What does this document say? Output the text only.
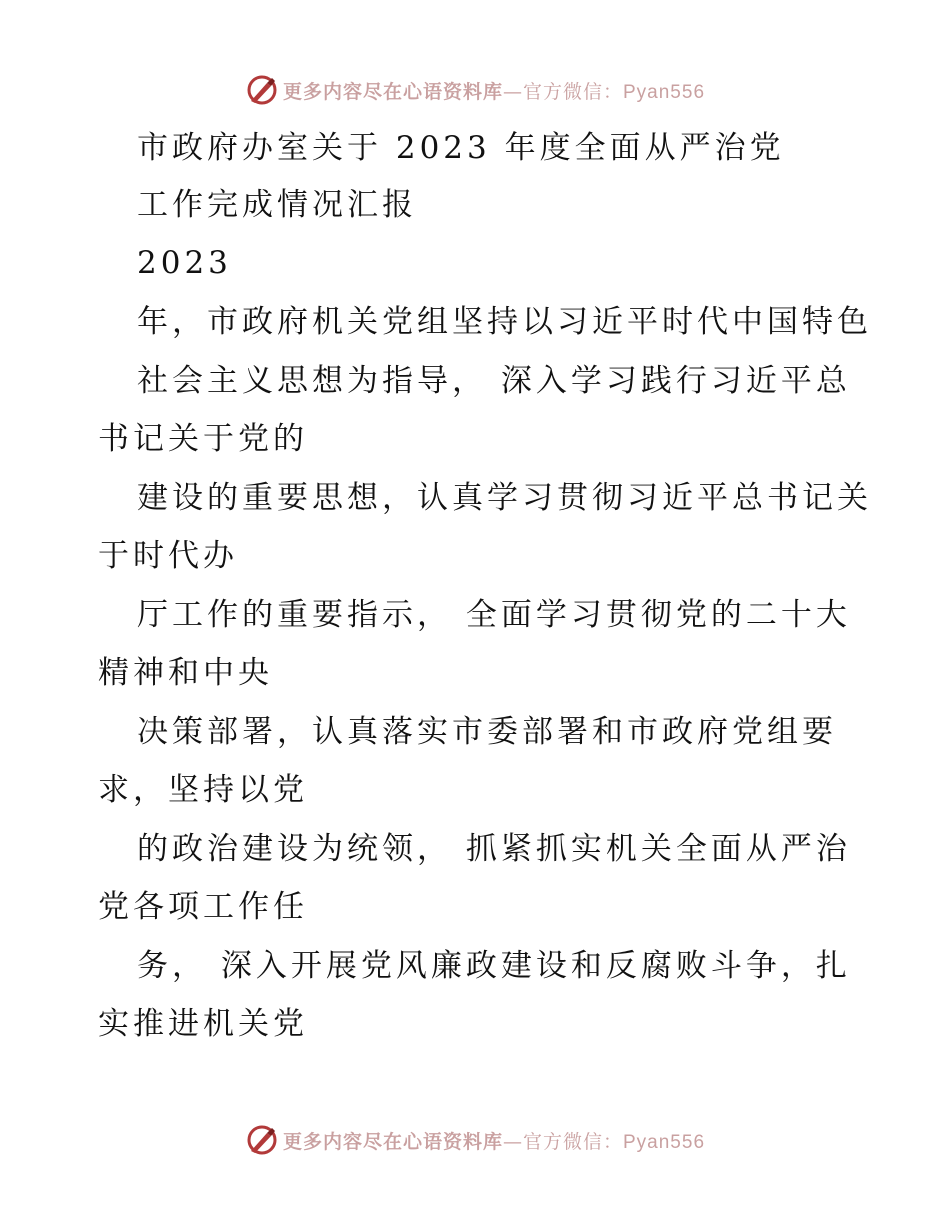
更多内容尽在心语资料库—官方微信：Pyan556
市政府办室关于 2023 年度全面从严治党
工作完成情况汇报
2023
年，市政府机关党组坚持以习近平时代中国特色
社会主义思想为指导， 深入学习践行习近平总
书记关于党的
建设的重要思想，认真学习贯彻习近平总书记关
于时代办
厅工作的重要指示， 全面学习贯彻党的二十大
精神和中央
决策部署，认真落实市委部署和市政府党组要
求，坚持以党
的政治建设为统领， 抓紧抓实机关全面从严治
党各项工作任
务， 深入开展党风廉政建设和反腐败斗争，扎
实推进机关党
更多内容尽在心语资料库—官方微信：Pyan556
